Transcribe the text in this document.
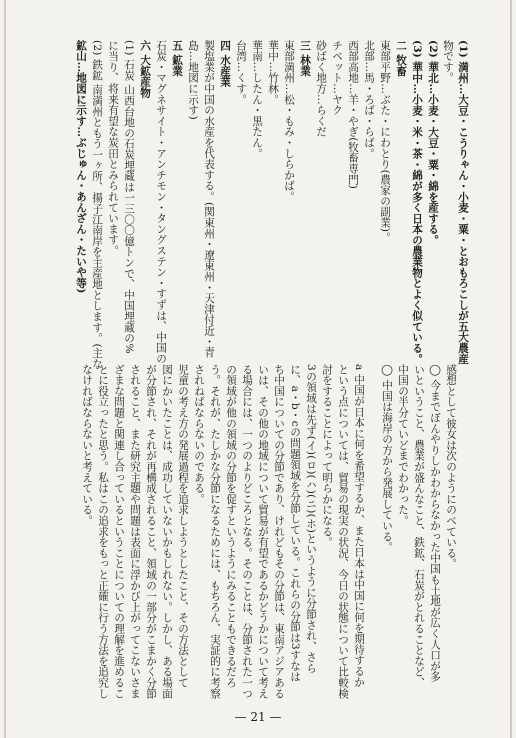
(1) 満州…大豆・こうりゃん・小麦・粟・とおもろこしが五大農産
物です。
(2) 華北…小麦・大豆・粟・綿を産する。
(3) 華中…小麦・米・茶・綿が多く日本の農業物とよく似ている。
二 牧畜
東部平野…ぶた・にわとり(農家の副業)。
北部…馬・ろば・らば。
西部高地…羊・やぎ(牧畜専門)
チベット…ヤク
砂ばく地方…らくだ
三 林業
東部満州…松・もみ・しらかば。
華中…竹林。
華南…したん・黒たん。
台湾…くす。
四 水産業
製塩業が中国の水産を代表する。(関東州・遼東州・天津付近・青
島…地図に示す)
五 鉱業
石炭・マグネサイト・アンチモン・タングステン・すずは、中国の
六 大鉱産物
(1) 石炭 山西台地の石炭埋蔵は一三〇〇億トンで、中国埋蔵の%
に当り、将来有望な炭田とみられています。
(2) 鉄鉱 南満州ともう一ヶ所、揚子江南岸を主産地とします。(主な
鉱山…地図に示す…ぶじゅん・あんざん・たいや等)
感想として彼女は次のようにのべている。
◯ 今までぼんやりしかわからなかった中国も土地が広く人口が多
いということ、農業が盛んなこと、鉄鉱、石炭がとれることなど、
中国の半分ていどまでわかった。
◯ 中国は海岸の方から発展している。
a 中国が日本に何を希望するか、また日本は中国に何を期待するか
という点については、貿易の現実の状況、今日の状態について比較検
討をすることによって明らかになる。
3の領域は先ず(イ)(ロ)(ハ)(ニ)(ホ)というように分節され、さら
に、a・b・cの問題領域を分節している。これらの分節は3すなは
ち中国についての分節であり、けれどもその分節は、東南アジアある
いは、その他の地域について貿易が有望であるかどうかについて考え
る場合には、一つのよりどころとなる。そのことは、分節された一つ
の領域が他の領域の分節を促すというようにみることもできるだろ
う。それが、たしかな分節になるためには、もちろん、実証的に考察
されねばならないのである。
児童の考え方の発展過程を追求しようとしたこと、その方法として
図にかいたことは、成功していないかもしれない。しかし、ある場面
が分節され、それが再構成されること、領域の一部分がこまかく分節
されること、また研究主題や問題は表面に浮かび上がってこないさま
ざまな問題と関連し合っているということについての理解を進めるこ
とに役立ったと思う。私はこの追求をもっと正確に行う方法を追究し
なければならないと考えている。
— 21 —
